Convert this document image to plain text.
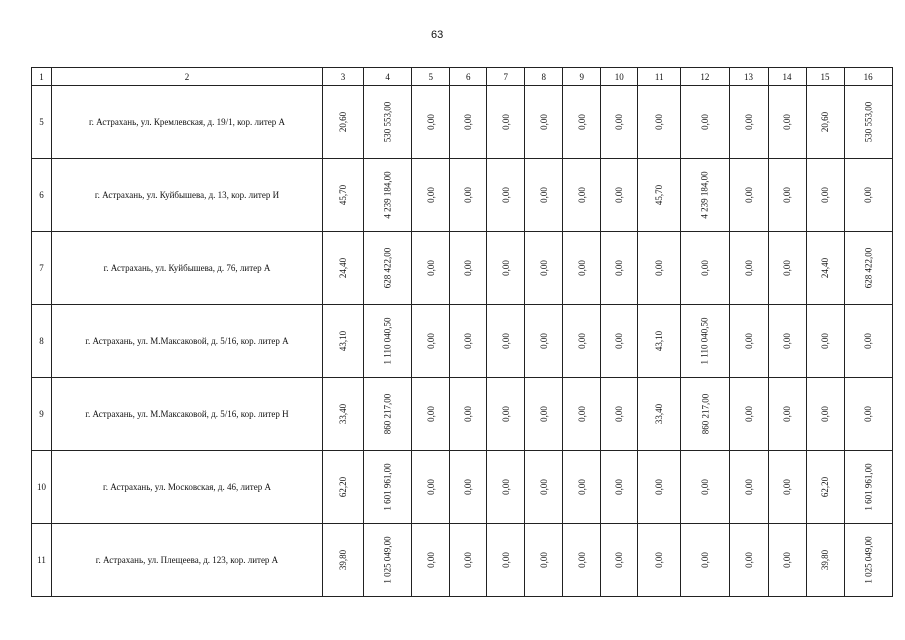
63
1	2	3	4	5	6	7	8	9	10	11	12	13	14	15	16
5	г. Астрахань, ул. Кремлевская, д. 19/1, кор. литер А	20,60	530 553,00	0,00	0,00	0,00	0,00	0,00	0,00	0,00	0,00	0,00	0,00	20,60	530 553,00
6	г. Астрахань, ул. Куйбышева, д. 13, кор. литер И	45,70	4 239 184,00	0,00	0,00	0,00	0,00	0,00	0,00	45,70	4 239 184,00	0,00	0,00	0,00	0,00
7	г. Астрахань, ул. Куйбышева, д. 76, литер А	24,40	628 422,00	0,00	0,00	0,00	0,00	0,00	0,00	0,00	0,00	0,00	0,00	24,40	628 422,00
8	г. Астрахань, ул. М.Максаковой, д. 5/16, кор. литер А	43,10	1 110 040,50	0,00	0,00	0,00	0,00	0,00	0,00	43,10	1 110 040,50	0,00	0,00	0,00	0,00
9	г. Астрахань, ул. М.Максаковой, д. 5/16, кор. литер Н	33,40	860 217,00	0,00	0,00	0,00	0,00	0,00	0,00	33,40	860 217,00	0,00	0,00	0,00	0,00
10	г. Астрахань, ул. Московская, д. 46, литер А	62,20	1 601 961,00	0,00	0,00	0,00	0,00	0,00	0,00	0,00	0,00	0,00	0,00	62,20	1 601 961,00
11	г. Астрахань, ул. Плещеева, д. 123, кор. литер А	39,80	1 025 049,00	0,00	0,00	0,00	0,00	0,00	0,00	0,00	0,00	0,00	0,00	39,80	1 025 049,00
